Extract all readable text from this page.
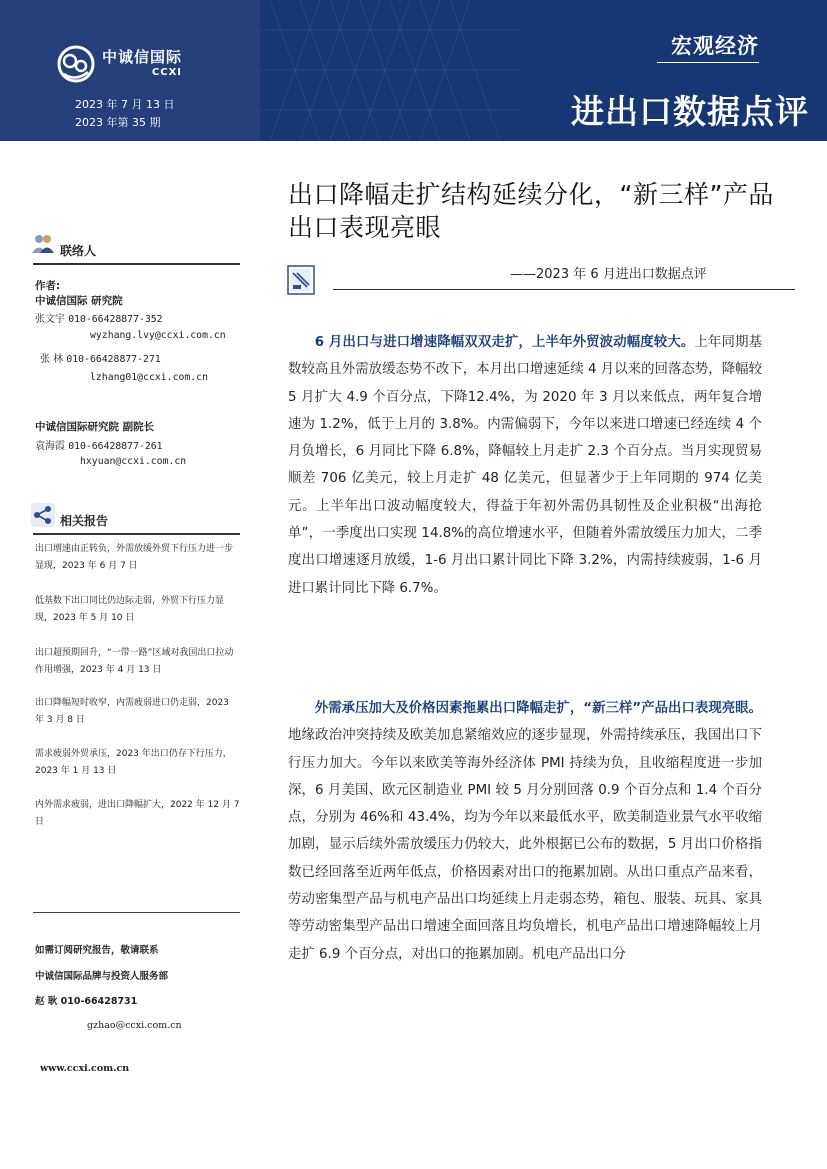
中诚信国际
CCXI
2023 年 7 月 13 日
2023 年第 35 期
宏观经济
进出口数据点评
联络人
作者:
中诚信国际 研究院
张文宇 010-66428877-352
wyzhang.lvy@ccxi.com.cn
张 林 010-66428877-271
lzhang01@ccxi.com.cn
中诚信国际研究院 副院长
袁海霞 010-66428877-261
hxyuan@ccxi.com.cn
相关报告
出口增速由正转负，外需放缓外贸下行压力进一步显现，2023 年 6 月 7 日
低基数下出口同比仍边际走弱，外贸下行压力显现，2023 年 5 月 10 日
出口超预期回升，“一带一路”区域对我国出口拉动作用增强，2023 年 4 月 13 日
出口降幅短时收窄，内需疲弱进口仍走弱，2023 年 3 月 8 日
需求疲弱外贸承压，2023 年出口仍存下行压力，2023 年 1 月 13 日
内外需求疲弱，进出口降幅扩大，2022 年 12 月 7 日
如需订阅研究报告，敬请联系
中诚信国际品牌与投资人服务部
赵 耿 010-66428731
gzhao@ccxi.com.cn
www.ccxi.com.cn
出口降幅走扩结构延续分化，“新三样”产品出口表现亮眼
——2023 年 6 月进出口数据点评
6 月出口与进口增速降幅双双走扩，上半年外贸波动幅度较大。上年同期基数较高且外需放缓态势不改下，本月出口增速延续 4 月以来的回落态势，降幅较 5 月扩大 4.9 个百分点，下降12.4%，为 2020 年 3 月以来低点，两年复合增速为 1.2%，低于上月的 3.8%。内需偏弱下，今年以来进口增速已经连续 4 个月负增长，6 月同比下降 6.8%，降幅较上月走扩 2.3 个百分点。当月实现贸易顺差 706 亿美元，较上月走扩 48 亿美元，但显著少于上年同期的 974 亿美元。上半年出口波动幅度较大，得益于年初外需仍具韧性及企业积极“出海抢单”，一季度出口实现 14.8%的高位增速水平，但随着外需放缓压力加大，二季度出口增速逐月放缓，1-6 月出口累计同比下降 3.2%，内需持续疲弱，1-6 月进口累计同比下降 6.7%。
外需承压加大及价格因素拖累出口降幅走扩，“新三样”产品出口表现亮眼。地缘政治冲突持续及欧美加息紧缩效应的逐步显现，外需持续承压，我国出口下行压力加大。今年以来欧美等海外经济体 PMI 持续为负，且收缩程度进一步加深，6 月美国、欧元区制造业 PMI 较 5 月分别回落 0.9 个百分点和 1.4 个百分点，分别为 46%和 43.4%，均为今年以来最低水平，欧美制造业景气水平收缩加剧，显示后续外需放缓压力仍较大，此外根据已公布的数据，5 月出口价格指数已经回落至近两年低点，价格因素对出口的拖累加剧。从出口重点产品来看，劳动密集型产品与机电产品出口均延续上月走弱态势，箱包、服装、玩具、家具等劳动密集型产品出口增速全面回落且均负增长，机电产品出口增速降幅较上月走扩 6.9 个百分点，对出口的拖累加剧。机电产品出口分
